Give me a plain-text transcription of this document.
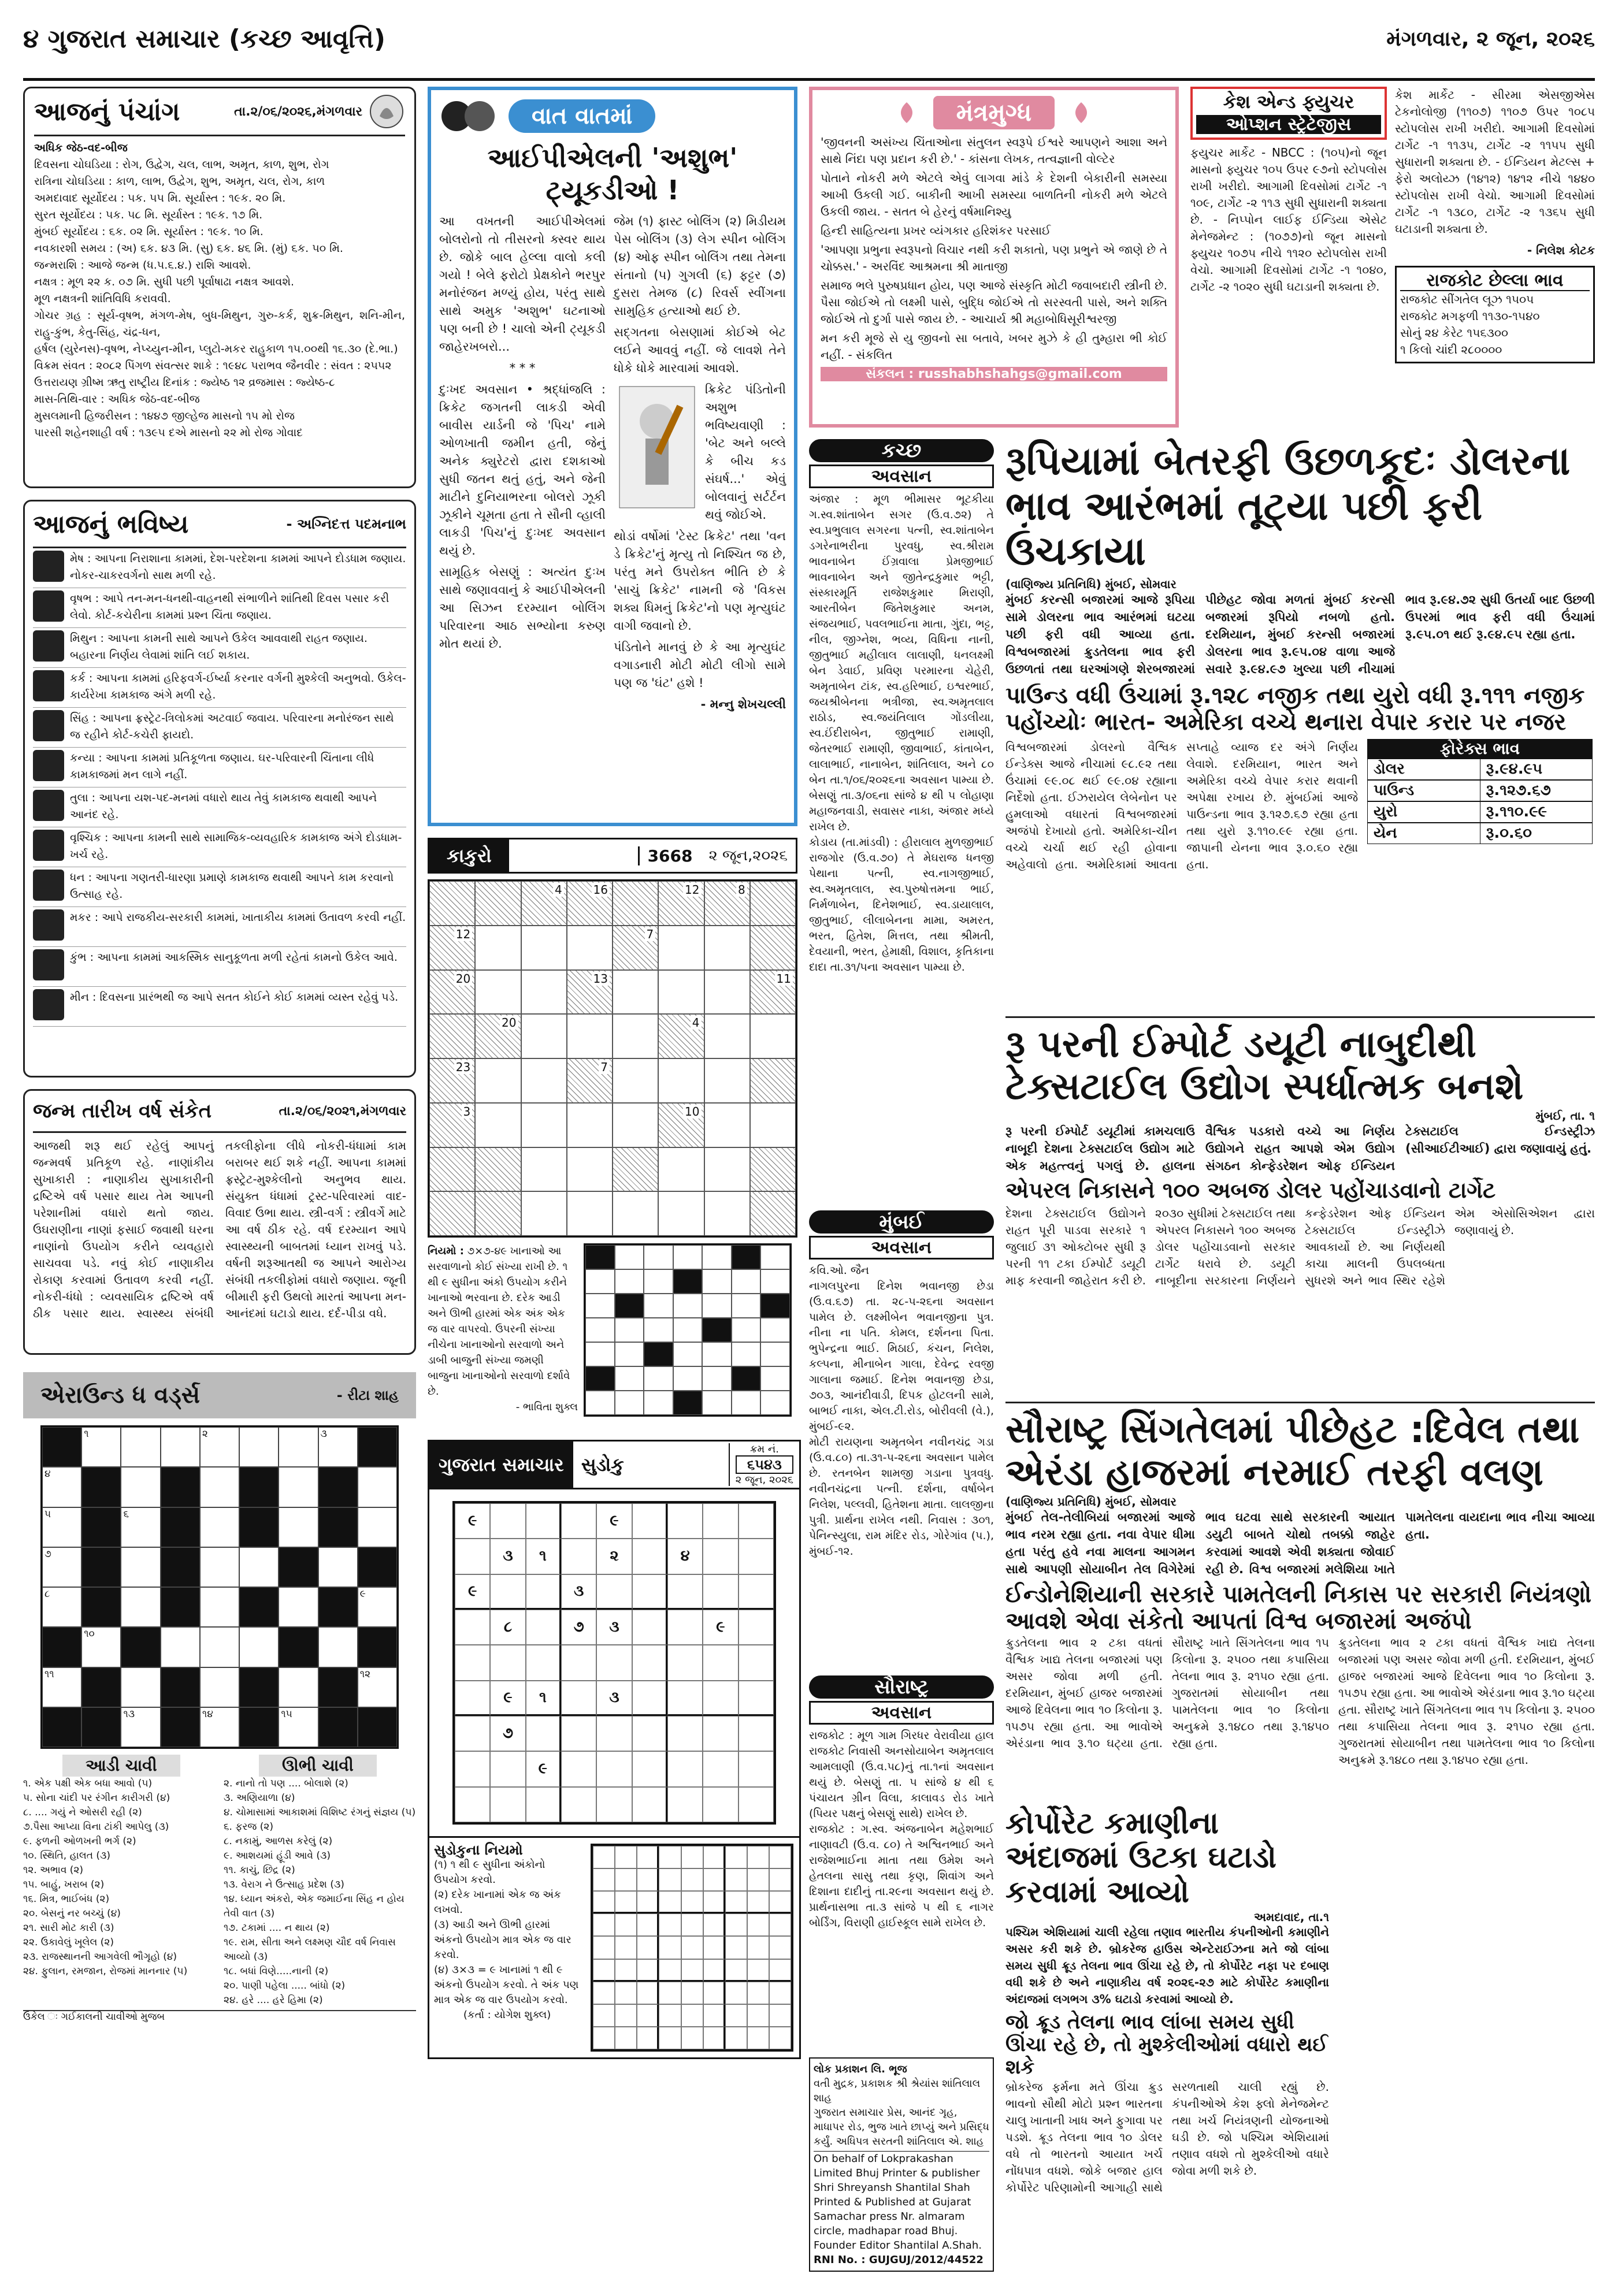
૪ ગુજરાત સમાચાર (કચ્છ આવૃત્તિ)	મંગળવાર, ૨ જૂન, ૨૦૨૬
આજનું પંચાંગ	તા.૨/૦૬/૨૦૨૬,મંગળવાર
અધિક જેઠ-વદ-બીજ
દિવસના ચોઘડિયા : રોગ, ઉદ્વેગ, ચલ, લાભ, અમૃત, કાળ, શુભ, રોગ
રાત્રિના ચોઘડિયા : કાળ, લાભ, ઉદ્વેગ, શુભ, અમૃત, ચલ, રોગ, કાળ
અમદાવાદ સૂર્યોદય : ૫ક. ૫૫ મિ. સૂર્યાસ્ત : ૧૯ક. ૨૦ મિ.
સુરત સૂર્યોદય : ૫ક. ૫૮ મિ. સૂર્યાસ્ત : ૧૯ક. ૧૭ મિ.
મુંબઈ સૂર્યોદય : ૬ક. ૦૨ મિ. સૂર્યાસ્ત : ૧૯ક. ૧૦ મિ.
નવકારશી સમય : (અ) ૬ક. ૪૩ મિ. (સુ) ૬ક. ૪૬ મિ. (મું) ૬ક. ૫૦ મિ.
જન્મરાશિ : આજે જન્મ (ધ.૫.૬.૪.) રાશિ આવશે.
નક્ષત્ર : મૂળ ૨૨ ક. ૦૭ મિ. સુધી પછી પૂર્વાષાઢા નક્ષત્ર આવશે.
મૂળ નક્ષત્રની શાંતિવિધિ કરાવવી.
ગોચર ગ્રહ : સૂર્ય-વૃષભ, મંગળ-મેષ, બુધ-મિથુન, ગુરુ-કર્ક, શુક્ર-મિથુન, શનિ-મીન, રાહુ-કુંભ, કેતુ-સિંહ, ચંદ્ર-ધન,
હર્ષલ (યુરેનસ)-વૃષભ, નેપ્ચ્યુન-મીન, પ્લુટો-મકર રાહુકાળ ૧૫.૦૦થી ૧૬.૩૦ (દે.ભા.)
વિક્રમ સંવત : ૨૦૮૨ પિંગળ સંવત્સર શાકે : ૧૯૪૮ પરાભવ જૈનવીર : સંવત : ૨૫૫૨
ઉત્તરાયણ ગ્રીષ્મ ઋતુ રાષ્ટ્રીય દિનાંક : જ્યેષ્ઠ ૧૨ વ્રજમાસ : જ્યેષ્ઠ-૮
માસ-તિથિ-વાર : અધિક જેઠ-વદ-બીજ
મુસલમાની હિજરીસન : ૧૪૪૭ જીલ્હેજ માસનો ૧૫ મો રોજ
પારસી શહેનશાહી વર્ષ : ૧૩૯૫ દએ માસનો ૨૨ મો રોજ ગોવાદ
આજનું ભવિષ્ય	- અગ્નિદત્ત પદમનાભ
મેષ : આપના નિરાશાના કામમાં, દેશ-પરદેશના કામમાં આપને દોડધામ જણાય. નોકર-ચાકરવર્ગનો સાથ મળી રહે.
વૃષભ : આપે તન-મન-ધનથી-વાહનથી સંભાળીને શાંતિથી દિવસ પસાર કરી લેવો. કોર્ટ-કચેરીના કામમાં પ્રશ્ન ચિંતા જણાય.
મિથુન : આપના કામની સાથે આપને ઉકેલ આવવાથી રાહત જણાય. બહારના નિર્ણય લેવામાં શાંતિ લઈ શકાય.
કર્ક : આપના કામમાં હરિફવર્ગ-ઈર્ષ્યા કરનાર વર્ગની મુશ્કેલી અનુભવો. ઉકેલ-કાર્યરેખા કામકાજ અંગે મળી રહે.
સિંહ : આપના ફ્રસ્ટ્રેટ-ત્રિલોકમાં અટવાઈ જવાય. પરિવારના મનોરંજન સાથે જ રહીને કોર્ટ-કચેરી ફાયદો.
કન્યા : આપના કામમાં પ્રતિકૂળતા જણાય. ઘર-પરિવારની ચિંતાના લીધે કામકાજમાં મન લાગે નહીં.
તુલા : આપના યશ-પદ-મનમાં વધારો થાય તેવું કામકાજ થવાથી આપને આનંદ રહે.
વૃશ્ચિક : આપના કામની સાથે સામાજિક-વ્યવહારિક કામકાજ અંગે દોડધામ-ખર્ચ રહે.
ધન : આપના ગણતરી-ધારણા પ્રમાણે કામકાજ થવાથી આપને કામ કરવાનો ઉત્સાહ રહે.
મકર : આપે રાજકીય-સરકારી કામમાં, ખાતાકીય કામમાં ઉતાવળ કરવી નહીં.
કુંભ : આપના કામમાં આકસ્મિક સાનુકૂળતા મળી રહેતાં કામનો ઉકેલ આવે.
મીન : દિવસના પ્રારંભથી જ આપે સતત કોઈને કોઈ કામમાં વ્યસ્ત રહેવું પડે.
જન્મ તારીખ વર્ષ સંકેત	તા.૨/૦૬/૨૦૨૧,મંગળવાર
આજથી શરૂ થઈ રહેલું આપનું જન્મવર્ષ પ્રતિકૂળ રહે. નાણાંકીય સુખાકારી : નાણાકીય સુખાકારીની દ્રષ્ટિએ વર્ષ પસાર થાય તેમ આપની પરેશાનીમાં વધારો થતો જાય. ઉઘરાણીના નાણાં ફસાઈ જવાથી ઘરના નાણાંનો ઉપયોગ કરીને વ્યવહારો સાચવવા પડે. નવું કોઈ નાણાકીય રોકાણ કરવામાં ઉતાવળ કરવી નહીં. નોકરી-ધંધો : વ્યવસાયિક દ્રષ્ટિએ વર્ષ ઠીક પસાર થાય. સ્વાસ્થ્ય સંબંધી તકલીફોના લીધે નોકરી-ધંધામાં કામ બરાબર થઈ શકે નહીં. આપના કામમાં ફ્રસ્ટ્રેટ-મુશ્કેલીનો અનુભવ થાય. સંયુક્ત ધંધામાં ટ્રસ્ટ-પરિવારમાં વાદ-વિવાદ ઉભા થાય. સ્ત્રી-વર્ગ : સ્ત્રીવર્ગે માટે આ વર્ષ ઠીક રહે. વર્ષ દરમ્યાન આપે સ્વાસ્થ્યની બાબતમાં ધ્યાન રાખવું પડે. વર્ષની શરૂઆતથી જ આપને આરોગ્ય સંબંધી તકલીફોમાં વધારો જણાય. જૂની બીમારી ફરી ઉથલો મારતાં આપના મન-આનંદમાં ઘટાડો થાય. દર્દ-પીડા વધે.
એરાઉન્ડ ધ વર્ડ્સ	- રીટા શાહ
૧	૨	૩
૪
૫	૬
૭
૮	૯
૧૦
૧૧	૧૨
૧૩	૧૪	૧૫
આડી ચાવી	ઊભી ચાવી
૧. એક પક્ષી એક બધા આવો (૫)
૫. સોના ચાંદી પર રંગીન કારીગરી (૪)
૮. .... ગયું ને ઓસરી રહી (૨)
૭.પૈસા આપ્યા વિના ટાંકી આપેલુ (૩)
૯. ફળની ઓળખની ભર્ગ (૨)
૧૦. સ્થિતિ, હાલત (૩)
૧૨. અભાવ (૨)
૧૫. બાહું, ખરાબ (૨)
૧૬. મિત્ર, ભાઈબંધ (૨)
૨૦. બેસનું નર બચ્ચું (૪)
૨૧. સારી મોટ કારી (૩)
૨૨. ઉકાવેલું ખૂલેલ (૨)
૨૩. રાજસ્થાનની આગવેલી ભૌગૃહો (૪)
૨૪. ફુલાન, રમજાન, રોજમાં માનનાર (૫)
૨. નાનો તો પણ .... બોલાશે (૨)
૩. અણિયાળા (૪)
૪. ચોમાસામાં આકાશમાં વિશિષ્ટ રંગનું સંજ્ઞય (૫)
૬. ફરજ (૨)
૮. નકામું, આળસ કરેલું (૨)
૯. આશયમાં હૂંડી આવે (૩)
૧૧. કાચું, છિદ્ર (૨)
૧૩. વેરાગ ને ઉત્સાહ પ્રદેશ (૩)
૧૪. ધ્યાન અંકરો, એક જમાઈના સિંહ ન હોય તેવી વાત (૩)
૧૭. ટકામાં .... ન થાય (૨)
૧૯. રામ, સીતા અને લક્ષ્મણ ચૌદ વર્ષ નિવાસ આવ્યો (૩)
૧૮. બધાં વિણે.....નાની (૨)
૨૦. પાણી પહેલા ..... બાંધો (૨)
૨૪. હરે .... હરે હિમા (૨)
ઉકેલ ઃ ગઈકાલની ચાવીઓ મુજબ
વાત વાતમાં
આઈપીએલની 'અશુભ' ટ્યૂકડીઓ !

આ વખતની આઈપીએલમાં બોલરોનો તો તીસરનો ક્સ્વર થાય છે. જોકે બાલ હેલ્લા વાલો કલી ગયો ! બેલે ફરોટો પ્રેક્ષકોને ભરપુર મનોરંજન મળ્યું હોય, પરંતુ સાથે સાથે અમુક 'અશુભ' ઘટનાઓ પણ બની છે ! ચાલો એની ટ્યૂકડી જાહેરખબરો...

* * *

દુઃખદ અવસાન • શ્રદ્ધાંજલિ : ક્રિકેટ જગતની લાકડી એવી બાવીસ યાર્ડની જે 'પિચ' નામે ઓળખાતી જમીન હતી, જેનું અનેક ક્યુરેટરો દ્વારા દશકાઓ સુધી જતન થતું હતું, અને જેની માટીને દુનિયાભરના બોલરો ઝૂકી ઝૂકીને ચૂમતા હતા તે સૌની વ્હાલી લાકડી 'પિચ'નું દુઃખદ અવસાન થયું છે.

સામૂહિક બેસણું : અત્યંત દુઃખ સાથે જણાવવાનું કે આઈપીએલની આ સિઝન દરમ્યાન બોલિંગ પરિવારના આઠ સભ્યોના કરુણ મોત થયાં છે.

જેમ (૧) ફાસ્ટ બોલિંગ (૨) મિડીયમ પેસ બોલિંગ (૩) લેગ સ્પીન બોલિંગ (૪) ઓફ સ્પીન બોલિંગ તથા તેમના સંતાનો (૫) ગુગલી (૬) ફટ્ટર (૭) દુસરા તેમજ (૮) રિવર્સ સ્વીંગના સામુહિક હત્યાઓ થઈ છે.

સદ્ગતના બેસણામાં કોઈએ બેટ લઈને આવવું નહીં. જે લાવશે તેને ધોકે ધોકે મારવામાં આવશે.

ક્રિકેટ પંડિતોની અશુભ ભવિષ્યવાણી : 'બેટ અને બલ્લે કે બીચ કડ સંઘર્ષ...' એવું બોલવાનું સર્ટર્ટન થવું જોઈએ.

થોડાં વર્ષોમાં 'ટેસ્ટ ક્રિકેટ' તથા 'વન ડે ક્રિકેટ'નું મૃત્યુ તો નિશ્ચિત જ છે, પરંતુ મને ઉપરોક્ત ભીતિ છે કે 'સાચું ક્રિકેટ' નામની જે 'વિકસ શક્ય ધિમનું ક્રિકેટ'નો પણ મૃત્યુઘંટ વાગી જવાનો છે.

પંડિતોને માનવું છે કે આ મૃત્યુઘંટ વગાડનારી મોટી મોટી લીગો સામે પણ જ 'ઘંટ' હશે !

- મન્નુ શેખચલ્લી

કાકુરો	3668	૨ જૂન,૨૦૨૬
4	16	12	8
12	7
20	13	11
20	4
23	7
3	10
નિયમો : ૭×૭-૪૯ ખાનાઓ આ સરવાળાનો કોઈ સંખ્યા રાખી છે. ૧ થી ૯ સુધીના અંકો ઉપયોગ કરીને ખાનાઓ ભરવાના છે. દરેક આડી અને ઊભી હારમાં એક અંક એક જ વાર વાપરવો. ઉપરની સંખ્યા નીચેના ખાનાઓનો સરવાળો અને ડાબી બાજુની સંખ્યા જમણી બાજુના ખાનાઓનો સરવાળો દર્શાવે છે.
- ભાવિતા શુક્લ
ગુજરાત સમાચાર સુડોકુ
ક્રમ નં.
૬૫૪૩
૨ જૂન, ૨૦૨૬
૯	૯
૩	૧	૨	૪
૯	૩
૮	૭	૩	૯
૯	૧	૩
૭
૯
સુડોકુના નિયમો
(૧) ૧ થી ૯ સુધીના અંકોનો ઉપયોગ કરવો.
(૨) દરેક ખાનામાં એક જ અંક લખવો.
(૩) આડી અને ઊભી હારમાં અંકનો ઉપયોગ માત્ર એક જ વાર કરવો.
(૪) ૩×૩ = ૯ ખાનામાં ૧ થી ૯ અંકનો ઉપયોગ કરવો. તે અંક પણ માત્ર એક જ વાર ઉપયોગ કરવો.
(કર્તા : યોગેશ શુક્લ)
મંત્રમુગ્ધ

'જીવનની અસંખ્ય ચિંતાઓના સંતુલન સ્વરૂપે ઈશ્વરે આપણને આશા અને સાથે નિંદા પણ પ્રદાન કરી છે.' - કાંસના લેખક, તત્વજ્ઞાની વોલ્ટેર

પોતાને નોકરી મળે એટલે એવું લાગવા માંડે કે દેશની બેકારીની સમસ્યા આખી ઉકલી ગઈ. બાકીની આખી સમસ્યા બાળતિની નોકરી મળે એટલે ઉકલી જાય. - સતત બે હેરનું વર્ષમાનિશ્યુ

હિન્દી સાહિત્યના પ્રખર વ્યંગકાર હરિશંકર પરસાઈ

'આપણા પ્રભુના સ્વરૂપનો વિચાર નથી કરી શકાતો, પણ પ્રભુને એ જાણે છે તે ચોક્કસ.' - અરવિંદ આશ્રમના શ્રી માતાજી

સમાજ ભલે પુરુષપ્રધાન હોય, પણ આજે સંસ્કૃતિ મોટી જવાબદારી સ્ત્રીની છે. પૈસા જોઈએ તો લક્ષ્મી પાસે, બુદ્ધિ જોઈએ તો સરસ્વતી પાસે, અને શક્તિ જોઈએ તો દુર્ગા પાસે જાય છે. - આચાર્ય શ્રી મહાબોધિસૂરીશ્વરજી

મન કરી મૂજે સે યુ જીવનો સા બતાવે, ખબર મુઝે કે હી તુમ્હારા ભી કોઈ નહીં. - સંકલિત

સંકલન : russhabhshahgs@gmail.com
કેશ એન્ડ ફ્યુચર
ઓપ્શન સ્ટ્રેટેજીસ

ફયુચર માર્કેટ - NBCC : (૧૦૫)નો જૂન માસનો ફ્યુચર ૧૦૫ ઉપર ૯૭નો સ્ટોપલોસ રાખી ખરીદો. આગામી દિવસોમાં ટાર્ગેટ -૧ ૧૦૯, ટાર્ગેટ -૨ ૧૧૩ સુધી સુધારાની શક્યતા છે. - નિપ્પોન લાઈફ ઈન્ડિયા એસેટ મેનેજમેન્ટ : (૧૦૭૭)નો જૂન માસનો ફ્યુચર ૧૦૭૫ નીચે ૧૧૨૦ સ્ટોપલોસ રાખી વેચો. આગામી દિવસોમાં ટાર્ગેટ -૧ ૧૦૪૦, ટાર્ગેટ -૨ ૧૦૨૦ સુધી ઘટાડાની શક્યતા છે.

કેશ માર્કેટ - સીરમા એસજીએસ ટેકનોલોજી (૧૧૦૭) ૧૧૦૭ ઉપર ૧૦૮૫ સ્ટોપલોસ રાખી ખરીદો. આગામી દિવસોમાં ટાર્ગેટ -૧ ૧૧૩૫, ટાર્ગેટ -૨ ૧૧૫૫ સુધી સુધારાની શક્યતા છે. - ઈન્ડિયન મેટલ્સ + ફેરો અલોય્ઝ (૧૪૧૨) ૧૪૧૨ નીચે ૧૪૪૦ સ્ટોપલોસ રાખી વેચો. આગામી દિવસોમાં ટાર્ગેટ -૧ ૧૩૮૦, ટાર્ગેટ -૨ ૧૩૬૫ સુધી ઘટાડાની શક્યતા છે.

- નિલેશ કોટક

રાજકોટ છેલ્લા ભાવ
રાજકોટ સીંગતેલ લૂઝ ૧૫૦૫
રાજકોટ મગફળી ૧૧૩૦-૧૫૪૦
સોનું ૨૪ કેરેટ ૧૫૬૩૦૦
૧ કિલો ચાંદી ૨૮૦૦૦૦
કચ્છ
અવસાન
અંજાર : મૂળ ભીમાસર ભૂટકીયા ગ.સ્વ.શાંતાબેન સગર (ઉ.વ.૭૨) તે સ્વ.પ્રભુલાલ સગરના પત્ની, સ્વ.શાંતાબેન ડગરેનાભરીના પુરવધુ, સ્વ.શ્રીરામ ભાવનાબેન ઈંગ્રવાલા પ્રેમજીભાઈ ભાવનાબેન અને જીતેન્દ્રકુમાર ભટ્ટી, સંસ્કારમૂર્તિ રાજેશકુમાર મિરાણી, આરતીબેન જિતેશકુમાર અનમ, સંજયભાઈ, પવલભાઈના માતા, ગુંદા, ભટ્ટ, નીલ, જીગ્નેશ, ભવ્ય, વિધિના નાની, જીતુભાઈ મહીલાલ લાલાણી, ધનલક્ષ્મી બેન ડેવાઈ, પ્રવિણ પરમારના ચેહેરી, અમૃતાબેન ટાંક, સ્વ.હરિભાઈ, ઇશ્વરભાઈ, જયશ્રીબેનના ભત્રીજા, સ્વ.અમૃતલાલ રાઠોડ, સ્વ.જયંતિલાલ ગોંડલીયા, સ્વ.ઈંદીરાબેન, જીતુભાઈ રામાણી, જેતરભાઈ રામાણી, જીવાભાઈ, કાંતાબેન, લાલાભાઈ, નાનાબેન, શાંતિલાલ, અને ૮૦ બેન તા.૧/૦૬/૨૦૨૬ના અવસાન પામ્યા છે. બેસણું તા.૩/૦૬ના સાંજે ૪ થી ૫ લોહાણા મહાજનવાડી, સવાસર નાકા, અંજાર મધ્યે રાખેલ છે.
કોડાય (તા.માંડવી) : હીરાલાલ મુળજીભાઈ રાજગોર (ઉ.વ.૭૦) તે મેઘરાજ ધનજી પેથાના પત્ની, સ્વ.નાગજીભાઈ, સ્વ.અમૃતલાલ, સ્વ.પુરુષોત્તમના ભાઈ, નિર્મળાબેન, દિનેશભાઈ, સ્વ.ડાયાલાલ, જીતુભાઈ, લીલાબેનના મામા, અમરત, ભરત, હિતેશ, મિત્તલ, તથા શ્રીમતી, દેવયાની, ભરત, હેમાક્ષી, વિશાલ, કૃતિકાના દાદા તા.૩૧/૫ના અવસાન પામ્યા છે.
મુંબઈ
અવસાન
કવિ.ઓ. જૈન
નાગલપુરના દિનેશ ભવાનજી છેડા (ઉ.વ.૬૭) તા. ૨૮-૫-૨૬ના અવસાન પામેલ છે. લક્ષ્મીબેન ભવાનજીના પુત્ર. નીના ના પતિ. કોમલ, દર્શનના પિતા. ભુપેન્દ્રના ભાઈ. મિઠાઈ, કંચન, નિલેશ, કલ્પના, મીનાબેન ગાલા, દેવેન્દ્ર રવજી ગાલાના જમાઈ. દિનેશ ભવાનજી છેડા, ૭૦૩, આનંદીવાડી, દિપક હોટલની સામે, બાભઈ નાકા, એલ.ટી.રોડ, બોરીવલી (વે.), મુંબઈ-૯૨.
મોટી રાયણના અમૃતબેન નવીનચંદ્ર ગડા (ઉ.વ.૮૦) તા.૩૧-૫-૨૬ના અવસાન પામેલ છે. રતનબેન શામજી ગડાના પુત્રવધુ. નવીનચંદ્રના પત્ની. દર્શના, વર્ષાબેન નિલેશ, પલ્લવી, હિતેશના માતા. લાલજીના પુત્રી. પ્રાર્થના રાખેલ નથી. નિવાસ : ૩૦૧, પેનિન્સ્યુલા, રામ મંદિર રોડ, ગોરેગાંવ (પ.), મુંબઈ-૧૨.
સૌરાષ્ટ્ર
અવસાન
રાજકોટ : મૂળ ગામ ગિરધર વેરાવીયા હાલ રાજકોટ નિવાસી અનસોયાબેન અમૃતલાલ આમલાણી (ઉ.વ.૫૮)નું તા.૧નાં અવસાન થયું છે. બેસણું તા. ૫ સાંજે ૪ થી ૬ પંચાયત ગ્રીન વિલા, કાલાવડ રોડ ખાતે (પિયર પક્ષનું બેસણું સાથે) રાખેલ છે.
રાજકોટ : ગ.સ્વ. અંજનાબેન મહેશભાઈ નાણાવટી (ઉ.વ. ૮૦) તે અશ્વિનભાઈ અને રાજેશભાઈના માતા તથા ઉમેશ અને હેતલના સાસુ તથા કૃણ, શિવાંગ અને દિશાના દાદીનું તા.૨૯ના અવસાન થયું છે. પ્રાર્થનાસભા તા.૩ સાંજે પ થી ૬ નાગર બોર્ડિંગ, વિરાણી હાઈસ્કૂલ સામે રાખેલ છે.
લોક પ્રકાશન લિ. ભૂજ
વતી મુદ્રક, પ્રકાશક શ્રી શ્રેયાંસ શાંતિલાલ શાહ
ગુજરાત સમાચાર પ્રેસ, આનંદ ગૃહ, માધાપર રોડ, ભુજ ખાતે છાપ્યું અને પ્રસિદ્ધ કર્યું. અધિપત્ર સરતની શાંતિલાલ એ. શાહ
On behalf of Lokprakashan Limited Bhuj Printer & publisher Shri Shreyansh Shantilal Shah Printed & Published at Gujarat Samachar press Nr. almaram circle, madhapar road Bhuj.
Founder Editor Shantilal A.Shah.
RNI No. : GUJGUJ/2012/44522
રૂપિયામાં બેતરફી ઉછળકૂદઃ ડોલરના ભાવ આરંભમાં તૂટ્યા પછી ફરી ઉંચકાયા
(વાણિજ્ય પ્રતિનિધિ) મુંબઈ, સોમવાર
મુંબઈ કરન્સી બજારમાં આજે રૂપિયા સામે ડોલરના ભાવ આરંભમાં ઘટયા પછી ફરી વધી આવ્યા હતા. વિશ્વબજારમાં ક્રુડતેલના ભાવ ફરી ઉછળતાં તથા ઘરઆંગણે શેરબજારમાં પીછેહટ જોવા મળતાં મુંબઈ કરન્સી બજારમાં રૂપિયો નબળો હતો. દરમિયાન, મુંબઈ કરન્સી બજારમાં ડોલરના ભાવ રૂ.૯૫.૦૪ વાળા આજે સવારે રૂ.૯૪.૯૭ ખુલ્યા પછી નીચામાં ભાવ રૂ.૯૪.૭૨ સુધી ઉતર્યા બાદ ઉછળી ઉપરમાં ભાવ ફરી વધી ઉંચામાં રૂ.૯૫.૦૧ થઈ રૂ.૯૪.૯૫ રહ્યા હતા.
પાઉન્ડ વધી ઉંચામાં રૂ.૧૨૮ નજીક તથા યુરો વધી રૂ.૧૧૧ નજીક પહોંચ્યોઃ ભારત- અમેરિકા વચ્ચે થનારા વેપાર કરાર પર નજર
વિશ્વબજારમાં ડોલરનો વૈશ્વિક ઈન્ડેક્સ આજે નીચામાં ૯૮.૯૨ તથા ઉંચામાં ૯૯.૦૮ થઈ ૯૯.૦૪ રહ્યાના નિર્દેશો હતા. ઈઝરાયેલ લેબેનોન પર હુમલાઓ વધારતાં વિશ્વબજારમાં અજંપો દેખાયો હતો. અમેરિકા-ચીન વચ્ચે ચર્ચા થઈ રહી હોવાના અહેવાલો હતા. અમેરિકામાં આવતા સપ્તાહે વ્યાજ દર અંગે નિર્ણય લેવાશે. દરમિયાન, ભારત અને અમેરિકા વચ્ચે વેપાર કરાર થવાની અપેક્ષા રખાય છે. મુંબઈમાં આજે પાઉન્ડના ભાવ રૂ.૧૨૭.૬૭ રહ્યા હતા તથા યુરો રૂ.૧૧૦.૯૯ રહ્યા હતા. જાપાની યેનના ભાવ રૂ.૦.૬૦ રહ્યા હતા.
ફોરેક્સ ભાવ
ડોલર	રૂ.૯૪.૯૫
પાઉન્ડ	રૂ.૧૨૭.૬૭
યુરો	રૂ.૧૧૦.૯૯
યેન	રૂ.૦.૬૦
રૂ પરની ઈમ્પોર્ટ ડયૂટી નાબુદીથી ટેક્સટાઈલ ઉદ્યોગ સ્પર્ધાત્મક બનશે
મુંબઈ, તા. ૧
રૂ પરની ઈમ્પોર્ટ ડયૂટીમાં કામચલાઉ નાબૂદી દેશના ટેક્સટાઈલ ઉદ્યોગ માટે એક મહત્ત્વનું પગલું છે. હાલના વૈશ્વિક પડકારો વચ્ચે આ નિર્ણય ઉદ્યોગને રાહત આપશે એમ ઉદ્યોગ સંગઠન કોન્ફેડરેશન ઓફ ઈન્ડિયન ટેક્સટાઈલ ઈન્ડસ્ટ્રીઝ (સીઆઈટીઆઈ) દ્વારા જણાવાયું હતું.
એપરલ નિકાસને ૧૦૦ અબજ ડોલર પહોંચાડવાનો ટાર્ગેટ
દેશના ટેક્સટાઈલ ઉદ્યોગને રાહત પૂરી પાડવા સરકારે ૧ જુલાઈ ૩૧ ઓક્ટોબર સુધી રૂ પરની ૧૧ ટકા ઈમ્પોર્ટ ડયૂટી માફ કરવાની જાહેરાત કરી છે. ૨૦૩૦ સુધીમાં ટેક્સટાઈલ તથા એપરલ નિકાસને ૧૦૦ અબજ ડોલર પહોંચાડવાનો સરકાર ટાર્ગેટ ધરાવે છે. ડયૂટી નાબૂદીના સરકારના નિર્ણયને કન્ફેડરેશન ઓફ ઈન્ડિયન ટેક્સટાઈલ ઈન્ડસ્ટ્રીઝે આવકાર્યો છે. આ નિર્ણયથી કાચા માલની ઉપલબ્ધતા સુધરશે અને ભાવ સ્થિર રહેશે એમ એસોસિએશન દ્વારા જણાવાયું છે.
સૌરાષ્ટ્ર સિંગતેલમાં પીછેહટ :દિવેલ તથા એરંડા હાજરમાં નરમાઈ તરફી વલણ
(વાણિજ્ય પ્રતિનિધિ) મુંબઈ, સોમવાર
મુંબઈ તેલ-તેલીબિયાં બજારમાં આજે ભાવ નરમ રહ્યા હતા. નવા વેપાર ધીમા હતા પરંતુ હવે નવા માલના આગમન સાથે આપણી સોયાબીન તેલ વિગેરેમાં ભાવ ઘટવા સાથે સરકારની આયાત ડયુટી બાબતે ચોથો તબક્કો જાહેર કરવામાં આવશે એવી શક્યતા જોવાઈ રહી છે. વિશ્વ બજારમાં મલેશિયા ખાતે પામતેલના વાયદાના ભાવ નીચા આવ્યા હતા.
ઈન્ડોનેશિયાની સરકારે પામતેલની નિકાસ પર સરકારી નિયંત્રણો આવશે એવા સંકેતો આપતાં વિશ્વ બજારમાં અજંપો
ક્રુડતેલના ભાવ ૨ ટકા વધતાં વૈશ્વિક ખાદ્ય તેલના બજારમાં પણ અસર જોવા મળી હતી. દરમિયાન, મુંબઈ હાજર બજારમાં આજે દિવેલના ભાવ ૧૦ કિલોના રૂ. ૧૫૭૫ રહ્યા હતા. આ ભાવોએ એરંડાના ભાવ રૂ.૧૦ ઘટ્યા હતા. સૌરાષ્ટ્ર ખાતે સિંગતેલના ભાવ ૧૫ કિલોના રૂ. ૨૫૦૦ તથા કપાસિયા તેલના ભાવ રૂ. ૨૧૫૦ રહ્યા હતા. ગુજરાતમાં સોયાબીન તથા પામતેલના ભાવ ૧૦ કિલોના અનુક્રમે રૂ.૧૪૮૦ તથા રૂ.૧૪૫૦ રહ્યા હતા.
કોર્પોરેટ કમાણીના અંદાજમાં ઉટકા ઘટાડો કરવામાં આવ્યો
અમદાવાદ, તા.૧
પશ્ચિમ એશિયામાં ચાલી રહેલા તણાવ ભારતીય કંપનીઓની કમાણીને અસર કરી શકે છે. બ્રોકરેજ હાઉસ એન્ટેરાઈઝના મતે જો લાંબા સમય સુધી ક્રૂડ તેલના ભાવ ઊંચા રહે છે, તો કોર્પોરેટ નફા પર દબાણ વધી શકે છે અને નાણાકીય વર્ષ ૨૦૨૬-૨૭ માટે કોર્પોરેટ કમાણીના અંદાજમાં લગભગ ૩% ઘટાડો કરવામાં આવ્યો છે.
જો ક્રૂડ તેલના ભાવ લાંબા સમય સુધી ઊંચા રહે છે, તો મુશ્કેલીઓમાં વધારો થઈ શકે
બ્રોકરેજ ફર્મના મતે ઊંચા ક્રુડ ભાવનો સૌથી મોટો પ્રશ્ન ભારતના ચાલુ ખાતાની ખાધ અને ફુગાવા પર પડશે. ક્રૂડ તેલના ભાવ ૧૦ ડોલર વધે તો ભારતનો આયાત ખર્ચ નોંધપાત્ર વધશે. જોકે બજાર હાલ કોર્પોરેટ પરિણામોની આગાહી સાથે સરળતાથી ચાલી રહ્યું છે. કંપનીઓએ કેશ ફ્લો મેનેજમેન્ટ તથા ખર્ચ નિયંત્રણની યોજનાઓ ઘડી છે. જો પશ્ચિમ એશિયામાં તણાવ વધશે તો મુશ્કેલીઓ વધારે જોવા મળી શકે છે.
ક્રુડતેલના ભાવ ૨ ટકા વધતાં વૈશ્વિક ખાદ્ય તેલના બજારમાં પણ અસર જોવા મળી હતી. દરમિયાન, મુંબઈ હાજર બજારમાં આજે દિવેલના ભાવ ૧૦ કિલોના રૂ. ૧૫૭૫ રહ્યા હતા. આ ભાવોએ એરંડાના ભાવ રૂ.૧૦ ઘટ્યા હતા. સૌરાષ્ટ્ર ખાતે સિંગતેલના ભાવ ૧૫ કિલોના રૂ. ૨૫૦૦ તથા કપાસિયા તેલના ભાવ રૂ. ૨૧૫૦ રહ્યા હતા. ગુજરાતમાં સોયાબીન તથા પામતેલના ભાવ ૧૦ કિલોના અનુક્રમે રૂ.૧૪૮૦ તથા રૂ.૧૪૫૦ રહ્યા હતા.
